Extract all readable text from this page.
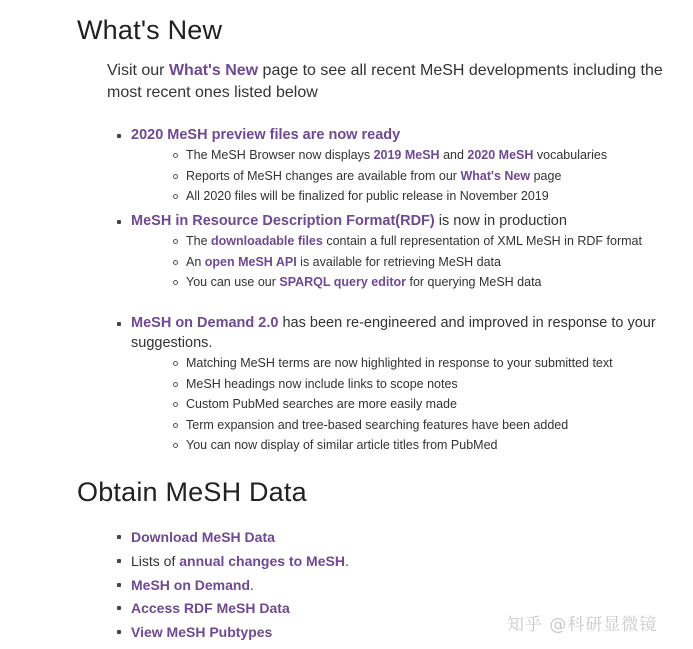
What's New
Visit our What's New page to see all recent MeSH developments including the most recent ones listed below
2020 MeSH preview files are now ready
The MeSH Browser now displays 2019 MeSH and 2020 MeSH vocabularies
Reports of MeSH changes are available from our What's New page
All 2020 files will be finalized for public release in November 2019
MeSH in Resource Description Format(RDF) is now in production
The downloadable files contain a full representation of XML MeSH in RDF format
An open MeSH API is available for retrieving MeSH data
You can use our SPARQL query editor for querying MeSH data
MeSH on Demand 2.0 has been re-engineered and improved in response to your suggestions.
Matching MeSH terms are now highlighted in response to your submitted text
MeSH headings now include links to scope notes
Custom PubMed searches are more easily made
Term expansion and tree-based searching features have been added
You can now display of similar article titles from PubMed
Obtain MeSH Data
Download MeSH Data
Lists of annual changes to MeSH.
MeSH on Demand.
Access RDF MeSH Data
View MeSH Pubtypes	知乎 @科研显微镜
